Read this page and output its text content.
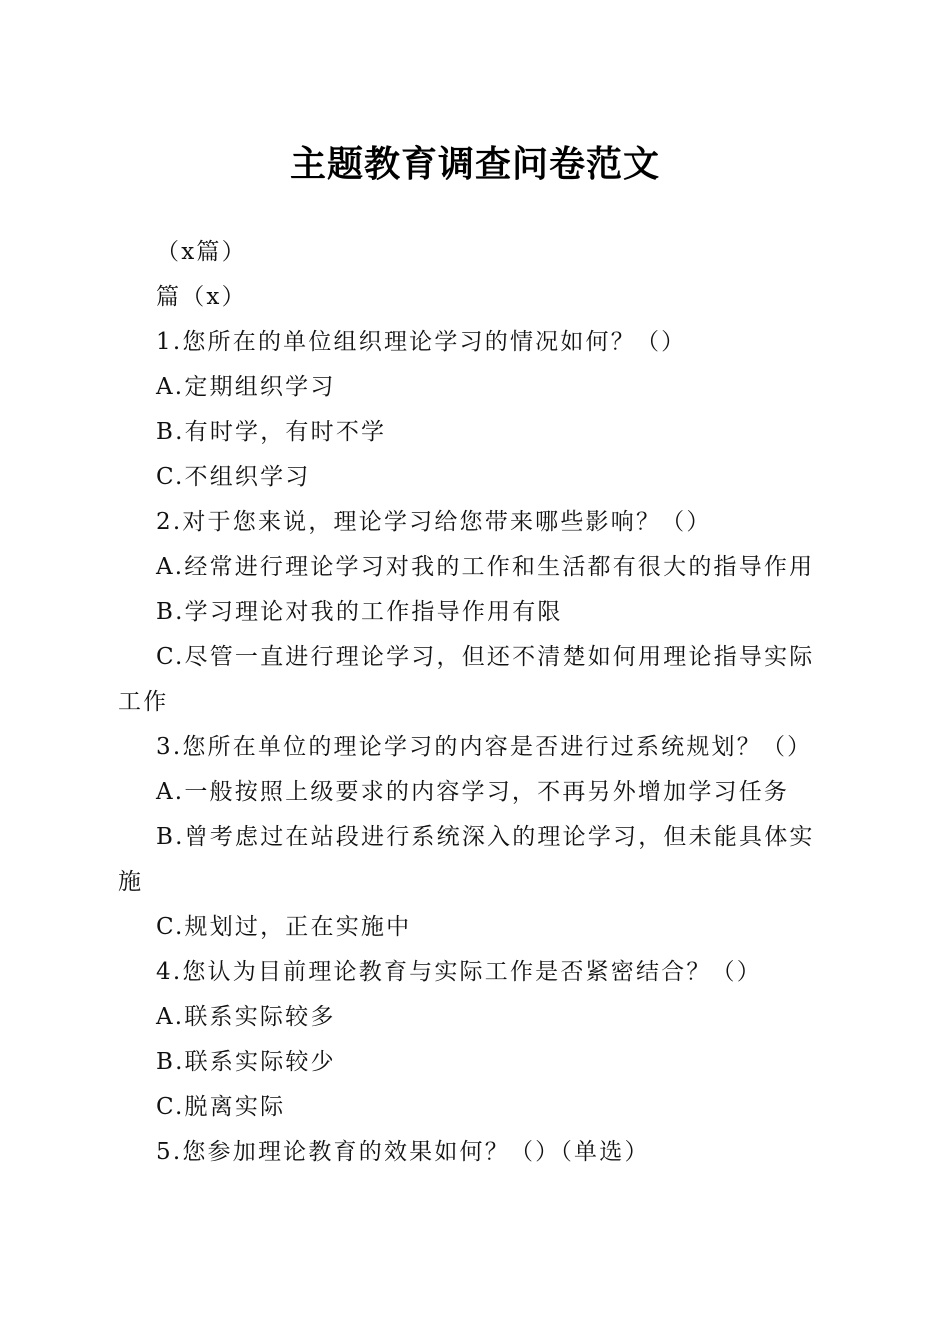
主题教育调查问卷范文

（x篇）

篇（x）

1.您所在的单位组织理论学习的情况如何？（）

A.定期组织学习

B.有时学，有时不学

C.不组织学习

2.对于您来说，理论学习给您带来哪些影响？（）

A.经常进行理论学习对我的工作和生活都有很大的指导作用

B.学习理论对我的工作指导作用有限

C.尽管一直进行理论学习，但还不清楚如何用理论指导实际工作

3.您所在单位的理论学习的内容是否进行过系统规划？（）

A.一般按照上级要求的内容学习，不再另外增加学习任务

B.曾考虑过在站段进行系统深入的理论学习，但未能具体实施

C.规划过，正在实施中

4.您认为目前理论教育与实际工作是否紧密结合？（）

A.联系实际较多

B.联系实际较少

C.脱离实际

5.您参加理论教育的效果如何？（）（单选）
